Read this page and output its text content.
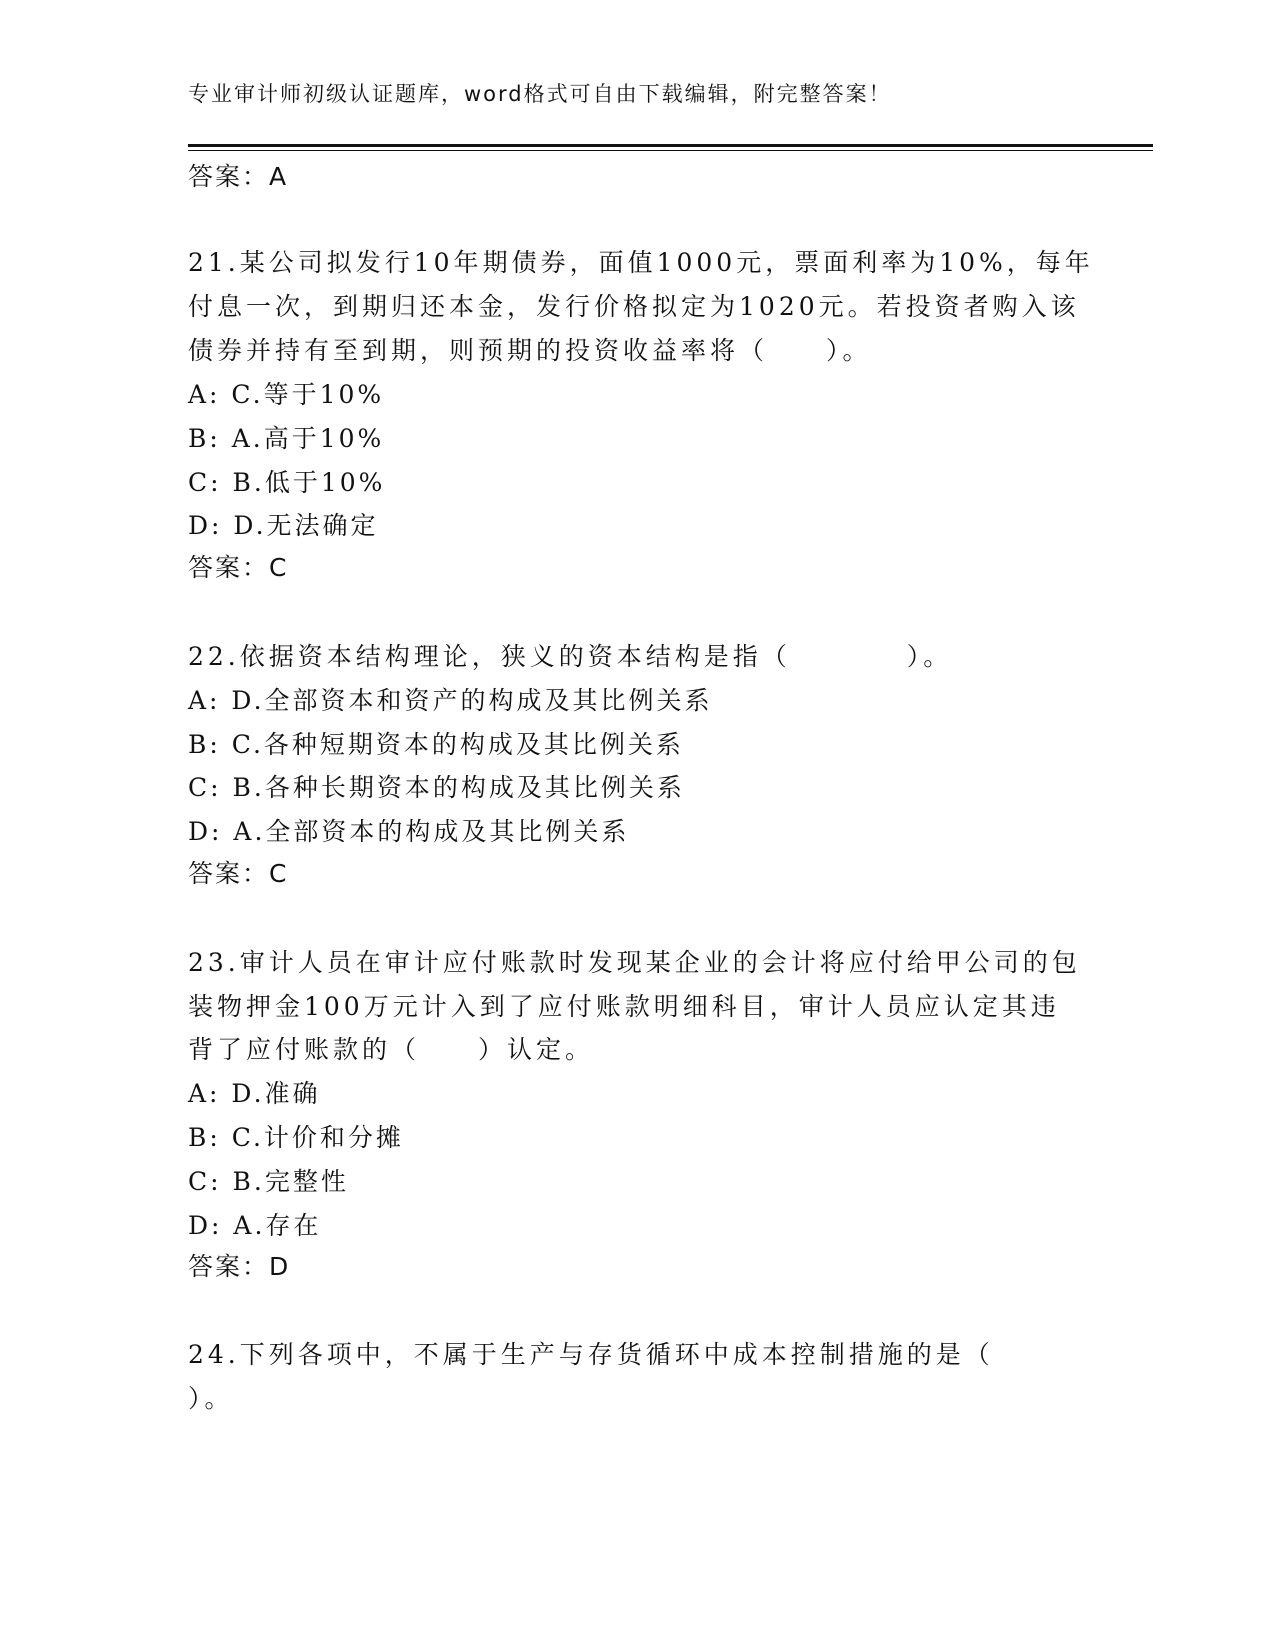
专业审计师初级认证题库，word格式可自由下载编辑，附完整答案！
答案：A
21.某公司拟发行10年期债券，面值1000元，票面利率为10%，每年
付息一次，到期归还本金，发行价格拟定为1020元。若投资者购入该
债券并持有至到期，则预期的投资收益率将（　　）。
A: C.等于10%
B: A.高于10%
C: B.低于10%
D: D.无法确定
答案：C
22.依据资本结构理论，狭义的资本结构是指（　　　　）。
A: D.全部资本和资产的构成及其比例关系
B: C.各种短期资本的构成及其比例关系
C: B.各种长期资本的构成及其比例关系
D: A.全部资本的构成及其比例关系
答案：C
23.审计人员在审计应付账款时发现某企业的会计将应付给甲公司的包
装物押金100万元计入到了应付账款明细科目，审计人员应认定其违
背了应付账款的（　　）认定。
A: D.准确
B: C.计价和分摊
C: B.完整性
D: A.存在
答案：D
24.下列各项中，不属于生产与存货循环中成本控制措施的是（
）。
